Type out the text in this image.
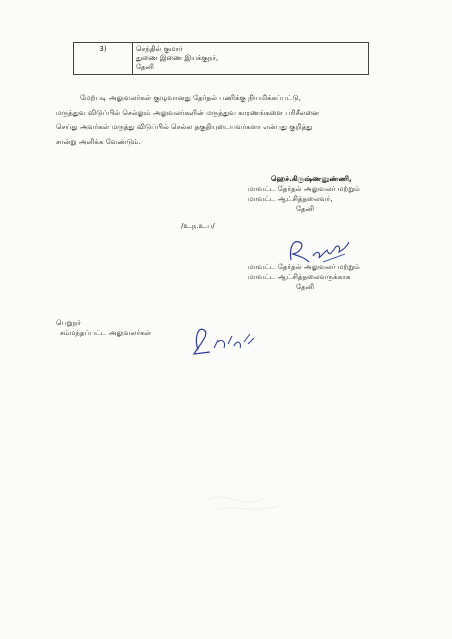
3)	செந்தில் குமார்
துணை இணை இயக்குநர்,
தேனி
மேற்படி அலுவலர்கள் குழுவானது தேர்தல் பணிக்கு நியமிக்கப்பட்டு,
மருத்துவ விடுப்பில் செல்லும் அலுவலர்களின் மருத்துவ காரணங்களை பரிசீலனை
செய்து அவர்கள் மருத்து விடுப்பில் செல்ல தகுதியுடையவர்களா என்பது குறித்து
சான்று அளிக்க வேண்டும்.
ஹெச்.கிருஷ்ணனுண்ணி,
மாவட்ட தேர்தல் அலுவலர் மற்றும்
மாவட்ட ஆட்சித்தலைவர்,
தேனி
/உ.ந.உ.ப/
மாவட்ட தேர்தல் அலுவலர் மற்றும்
மாவட்ட ஆட்சித்தலைவருக்காக
தேனி
பெறுநர்
சம்மந்தப்பட்ட அலுவலர்கள்
